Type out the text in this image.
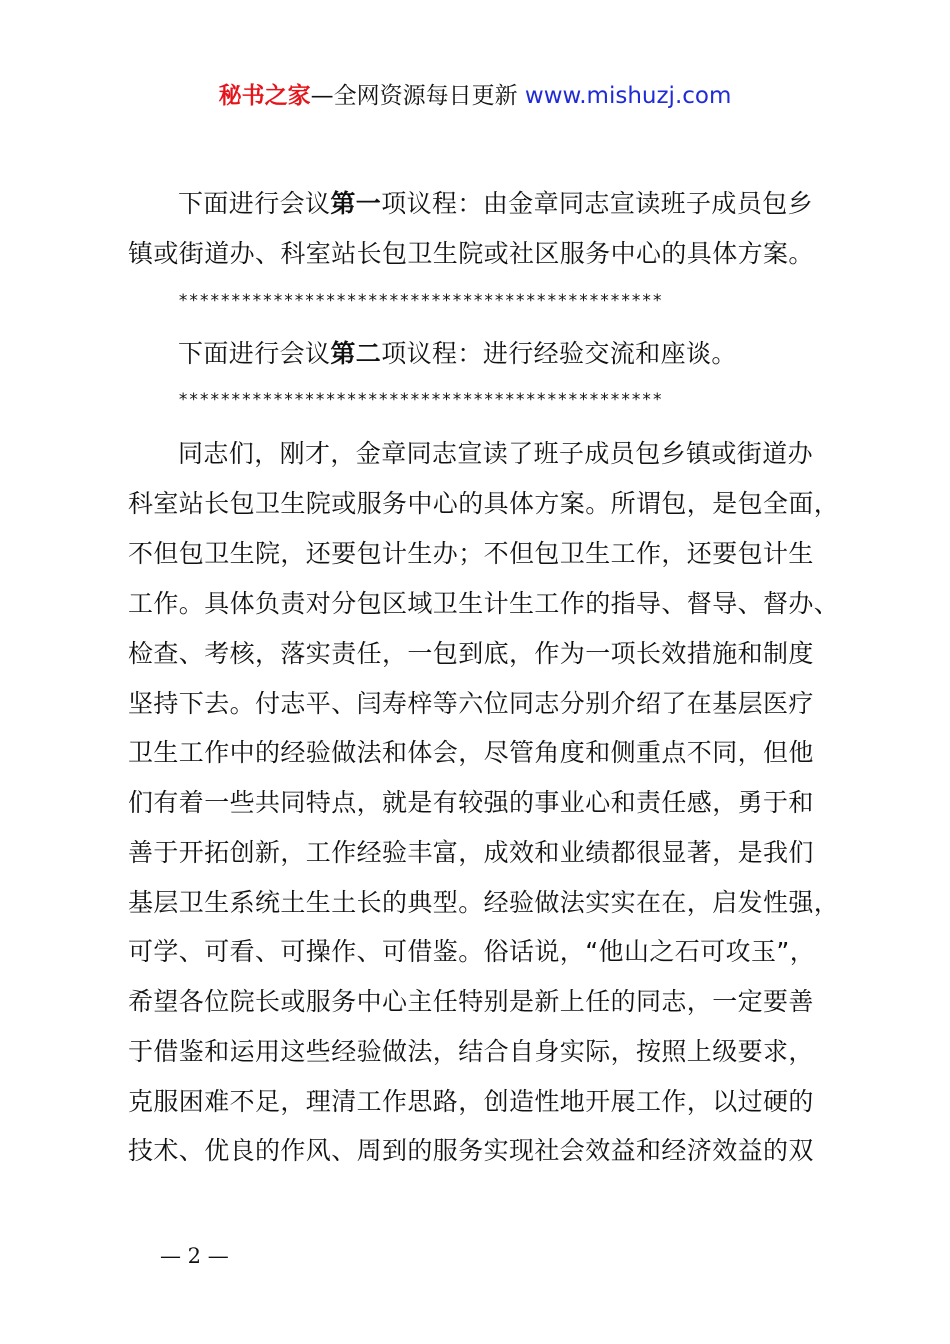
秘书之家—全网资源每日更新 www.mishuzj.com
下面进行会议第一项议程：由金章同志宣读班子成员包乡
镇或街道办、科室站长包卫生院或社区服务中心的具体方案。
**********************************************
下面进行会议第二项议程：进行经验交流和座谈。
**********************************************
同志们，刚才，金章同志宣读了班子成员包乡镇或街道办
科室站长包卫生院或服务中心的具体方案。所谓包，是包全面，
不但包卫生院，还要包计生办；不但包卫生工作，还要包计生
工作。具体负责对分包区域卫生计生工作的指导、督导、督办、
检查、考核，落实责任，一包到底，作为一项长效措施和制度
坚持下去。付志平、闫寿梓等六位同志分别介绍了在基层医疗
卫生工作中的经验做法和体会，尽管角度和侧重点不同，但他
们有着一些共同特点，就是有较强的事业心和责任感，勇于和
善于开拓创新，工作经验丰富，成效和业绩都很显著，是我们
基层卫生系统土生土长的典型。经验做法实实在在，启发性强，
可学、可看、可操作、可借鉴。俗话说，“他山之石可攻玉”，
希望各位院长或服务中心主任特别是新上任的同志，一定要善
于借鉴和运用这些经验做法，结合自身实际，按照上级要求，
克服困难不足，理清工作思路，创造性地开展工作，以过硬的
技术、优良的作风、周到的服务实现社会效益和经济效益的双
— 2 —
